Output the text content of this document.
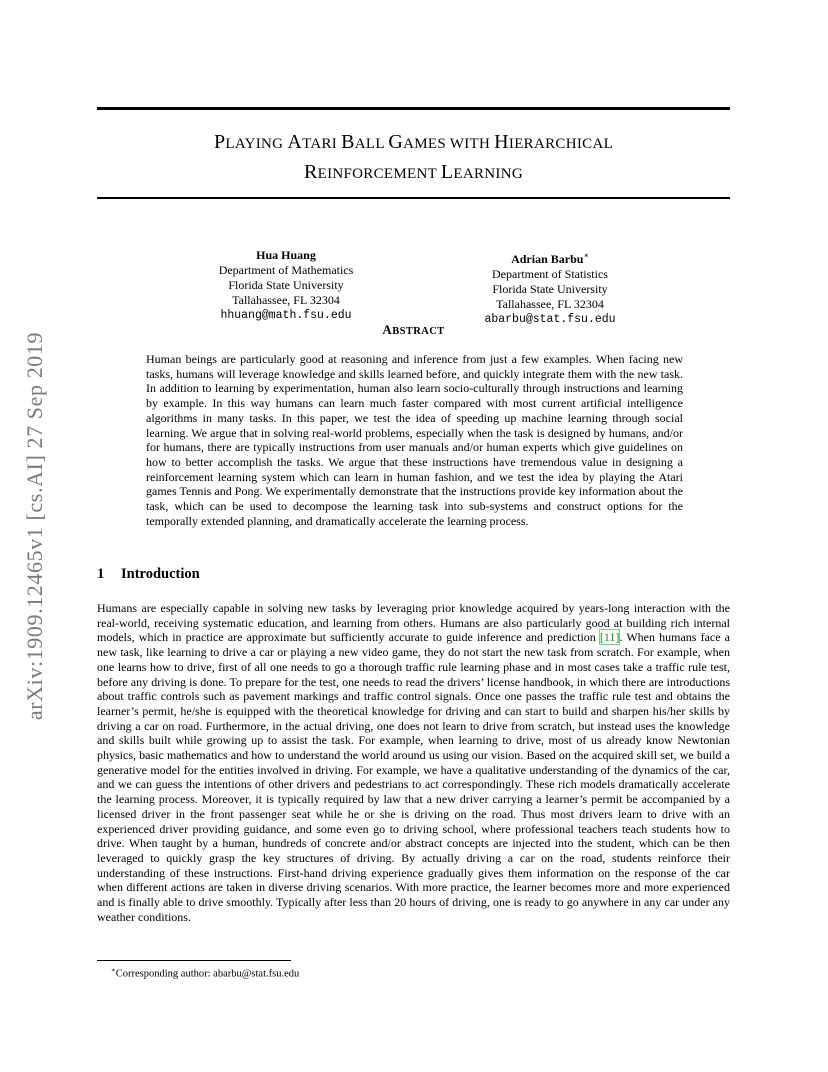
arXiv:1909.12465v1 [cs.AI] 27 Sep 2019
PLAYING ATARI BALL GAMES WITH HIERARCHICAL
REINFORCEMENT LEARNING
Hua Huang
Department of Mathematics
Florida State University
Tallahassee, FL 32304
hhuang@math.fsu.edu
Adrian Barbu∗
Department of Statistics
Florida State University
Tallahassee, FL 32304
abarbu@stat.fsu.edu
ABSTRACT

Human beings are particularly good at reasoning and inference from just a few examples. When facing new tasks, humans will leverage knowledge and skills learned before, and quickly integrate them with the new task. In addition to learning by experimentation, human also learn socio-culturally through instructions and learning by example. In this way humans can learn much faster compared with most current artificial intelligence algorithms in many tasks. In this paper, we test the idea of speeding up machine learning through social learning. We argue that in solving real-world problems, especially when the task is designed by humans, and/or for humans, there are typically instructions from user manuals and/or human experts which give guidelines on how to better accomplish the tasks. We argue that these instructions have tremendous value in designing a reinforcement learning system which can learn in human fashion, and we test the idea by playing the Atari games Tennis and Pong. We experimentally demonstrate that the instructions provide key information about the task, which can be used to decompose the learning task into sub-systems and construct options for the temporally extended planning, and dramatically accelerate the learning process.

1 Introduction

Humans are especially capable in solving new tasks by leveraging prior knowledge acquired by years-long interaction with the real-world, receiving systematic education, and learning from others. Humans are also particularly good at building rich internal models, which in practice are approximate but sufficiently accurate to guide inference and prediction [11]. When humans face a new task, like learning to drive a car or playing a new video game, they do not start the new task from scratch. For example, when one learns how to drive, first of all one needs to go a thorough traffic rule learning phase and in most cases take a traffic rule test, before any driving is done. To prepare for the test, one needs to read the drivers’ license handbook, in which there are introductions about traffic controls such as pavement markings and traffic control signals. Once one passes the traffic rule test and obtains the learner’s permit, he/she is equipped with the theoretical knowledge for driving and can start to build and sharpen his/her skills by driving a car on road. Furthermore, in the actual driving, one does not learn to drive from scratch, but instead uses the knowledge and skills built while growing up to assist the task. For example, when learning to drive, most of us already know Newtonian physics, basic mathematics and how to understand the world around us using our vision. Based on the acquired skill set, we build a generative model for the entities involved in driving. For example, we have a qualitative understanding of the dynamics of the car, and we can guess the intentions of other drivers and pedestrians to act correspondingly. These rich models dramatically accelerate the learning process. Moreover, it is typically required by law that a new driver carrying a learner’s permit be accompanied by a licensed driver in the front passenger seat while he or she is driving on the road. Thus most drivers learn to drive with an experienced driver providing guidance, and some even go to driving school, where professional teachers teach students how to drive. When taught by a human, hundreds of concrete and/or abstract concepts are injected into the student, which can be then leveraged to quickly grasp the key structures of driving. By actually driving a car on the road, students reinforce their understanding of these instructions. First-hand driving experience gradually gives them information on the response of the car when different actions are taken in diverse driving scenarios. With more practice, the learner becomes more and more experienced and is finally able to drive smoothly. Typically after less than 20 hours of driving, one is ready to go anywhere in any car under any weather conditions.

∗Corresponding author: abarbu@stat.fsu.edu
